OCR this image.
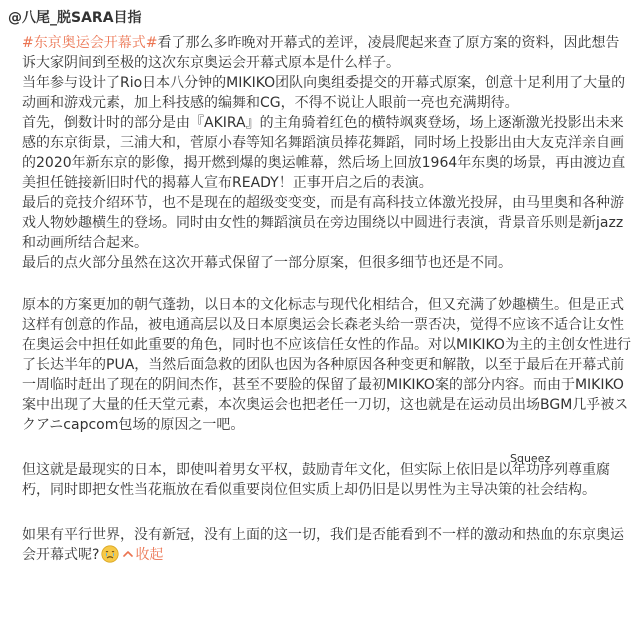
@八尾_脱SARA目指

#东京奥运会开幕式#看了那么多昨晚对开幕式的差评，凌晨爬起来查了原方案的资料，因此想告诉大家阴间到至极的这次东京奥运会开幕式原本是什么样子。

当年参与设计了Rio日本八分钟的MIKIKO团队向奥组委提交的开幕式原案，创意十足利用了大量的动画和游戏元素，加上科技感的编舞和CG，不得不说让人眼前一亮也充满期待。

首先，倒数计时的部分是由『AKIRA』的主角骑着红色的横特飒爽登场，场上逐渐激光投影出未来感的东京街景，三浦大和，菅原小春等知名舞蹈演员捧花舞蹈，同时场上投影出由大友克洋亲自画的2020年新东京的影像，揭开燃到爆的奥运帷幕，然后场上回放1964年东奥的场景，再由渡边直美担任链接新旧时代的揭幕人宣布READY！正事开启之后的表演。

最后的竞技介绍环节，也不是现在的超级变变变，而是有高科技立体激光投屏，由马里奥和各种游戏人物妙趣横生的登场。同时由女性的舞蹈演员在旁边围绕以中圆进行表演，背景音乐则是新jazz和动画所结合起来。

最后的点火部分虽然在这次开幕式保留了一部分原案，但很多细节也还是不同。

原本的方案更加的朝气蓬勃，以日本的文化标志与现代化相结合，但又充满了妙趣横生。但是正式这样有创意的作品，被电通高层以及日本原奥运会长森老头给一票否决，觉得不应该不适合让女性在奥运会中担任如此重要的角色，同时也不应该信任女性的作品。对以MIKIKO为主的主创女性进行了长达半年的PUA，当然后面急救的团队也因为各种原因各种变更和解散，以至于最后在开幕式前一周临时赶出了现在的阴间杰作，甚至不要脸的保留了最初MIKIKO案的部分内容。而由于MIKIKO案中出现了大量的任天堂元素，本次奥运会也把老任一刀切，这也就是在运动员出场BGM几乎被スクアニcapcom包场的原因之一吧。

但这就是最现实的日本，即使叫着男女平权，鼓励青年文化，但实际上依旧是以年功序列尊重腐朽，同时即把女性当花瓶放在看似重要岗位但实质上却仍旧是以男性为主导决策的社会结构。

如果有平行世界，没有新冠，没有上面的这一切，我们是否能看到不一样的激动和热血的东京奥运会开幕式呢?	收起

Squeez
